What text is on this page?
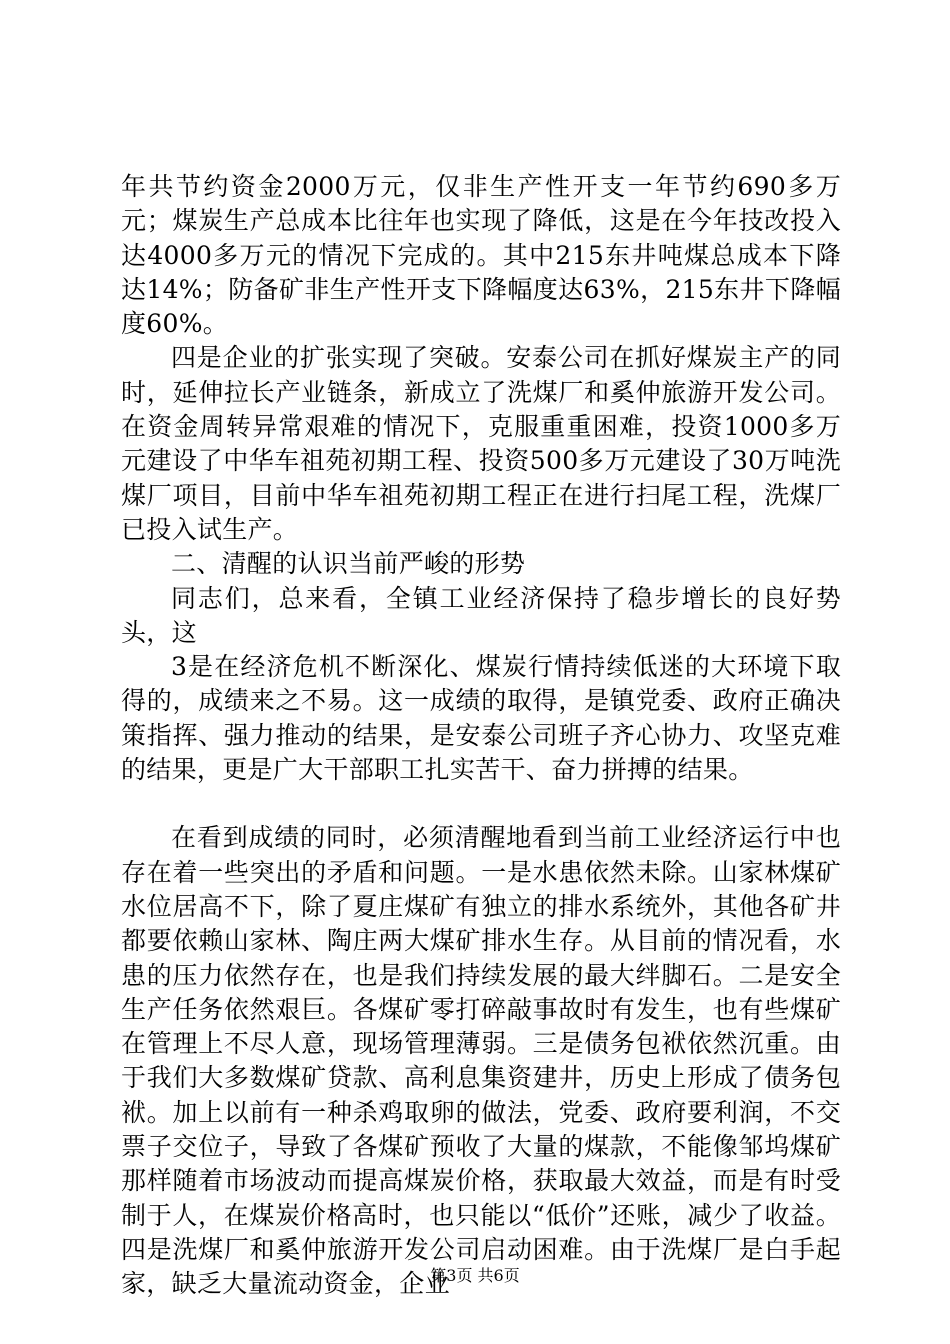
年共节约资金2000万元，仅非生产性开支一年节约690多万元；煤炭生产总成本比往年也实现了降低，这是在今年技改投入达4000多万元的情况下完成的。其中215东井吨煤总成本下降达14%；防备矿非生产性开支下降幅度达63%，215东井下降幅度60%。

四是企业的扩张实现了突破。安泰公司在抓好煤炭主产的同时，延伸拉长产业链条，新成立了洗煤厂和奚仲旅游开发公司。在资金周转异常艰难的情况下，克服重重困难，投资1000多万元建设了中华车祖苑初期工程、投资500多万元建设了30万吨洗煤厂项目，目前中华车祖苑初期工程正在进行扫尾工程，洗煤厂已投入试生产。

二、清醒的认识当前严峻的形势

同志们，总来看，全镇工业经济保持了稳步增长的良好势头，这

3是在经济危机不断深化、煤炭行情持续低迷的大环境下取得的，成绩来之不易。这一成绩的取得，是镇党委、政府正确决策指挥、强力推动的结果，是安泰公司班子齐心协力、攻坚克难的结果，更是广大干部职工扎实苦干、奋力拼搏的结果。

在看到成绩的同时，必须清醒地看到当前工业经济运行中也存在着一些突出的矛盾和问题。一是水患依然未除。山家林煤矿水位居高不下，除了夏庄煤矿有独立的排水系统外，其他各矿井都要依赖山家林、陶庄两大煤矿排水生存。从目前的情况看，水患的压力依然存在，也是我们持续发展的最大绊脚石。二是安全生产任务依然艰巨。各煤矿零打碎敲事故时有发生，也有些煤矿在管理上不尽人意，现场管理薄弱。三是债务包袱依然沉重。由于我们大多数煤矿贷款、高利息集资建井，历史上形成了债务包袱。加上以前有一种杀鸡取卵的做法，党委、政府要利润，不交票子交位子，导致了各煤矿预收了大量的煤款，不能像邹坞煤矿那样随着市场波动而提高煤炭价格，获取最大效益，而是有时受制于人，在煤炭价格高时，也只能以“低价”还账，减少了收益。四是洗煤厂和奚仲旅游开发公司启动困难。由于洗煤厂是白手起家，缺乏大量流动资金，企业

第3页 共6页
